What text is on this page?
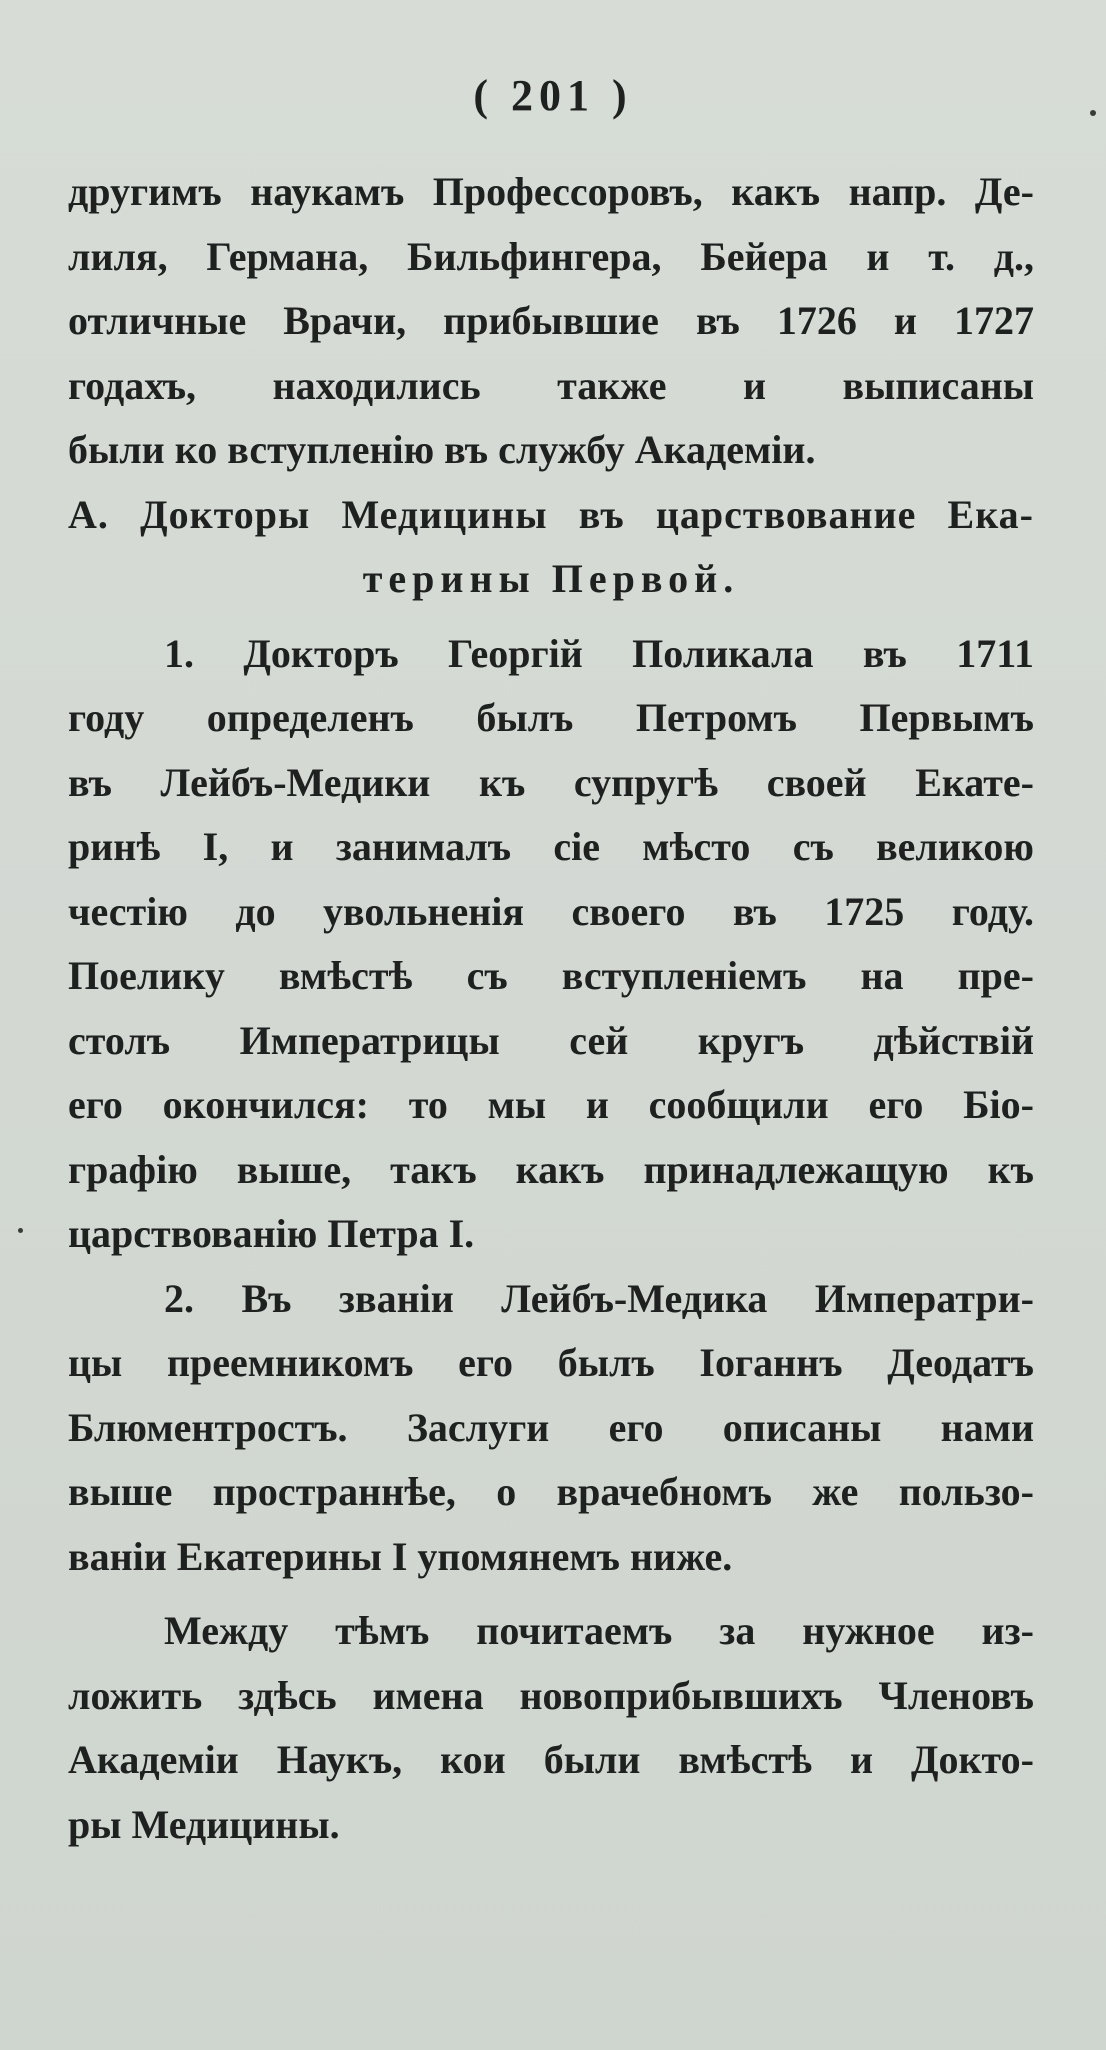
( 201 )
другимъ наукамъ Профессоровъ, какъ напр. Де-
лиля, Германа, Бильфингера, Бейера и т. д.,
отличные Врачи, прибывшие въ 1726 и 1727
годахъ, находились также и выписаны
были ко вступленію въ службу Академіи.
А. Докторы Медицины въ царствование Ека-
терины Первой.
1. Докторъ Георгій Поликала въ 1711
году определенъ былъ Петромъ Первымъ
въ Лейбъ-Медики къ супругѣ своей Екате-
ринѣ I, и занималъ сіе мѣсто съ великою
честію до увольненія своего въ 1725 году.
Поелику вмѣстѣ съ вступленіемъ на пре-
столъ Императрицы сей кругъ дѣйствій
его окончился: то мы и сообщили его Біо-
графію выше, такъ какъ принадлежащую къ
царствованію Петра I.
2. Въ званіи Лейбъ-Медика Императри-
цы преемникомъ его былъ Іоганнъ Деодатъ
Блюментростъ. Заслуги его описаны нами
выше пространнѣе, о врачебномъ же пользо-
ваніи Екатерины I упомянемъ ниже.
Между тѣмъ почитаемъ за нужное из-
ложить здѣсь имена новоприбывшихъ Членовъ
Академіи Наукъ, кои были вмѣстѣ и Докто-
ры Медицины.
